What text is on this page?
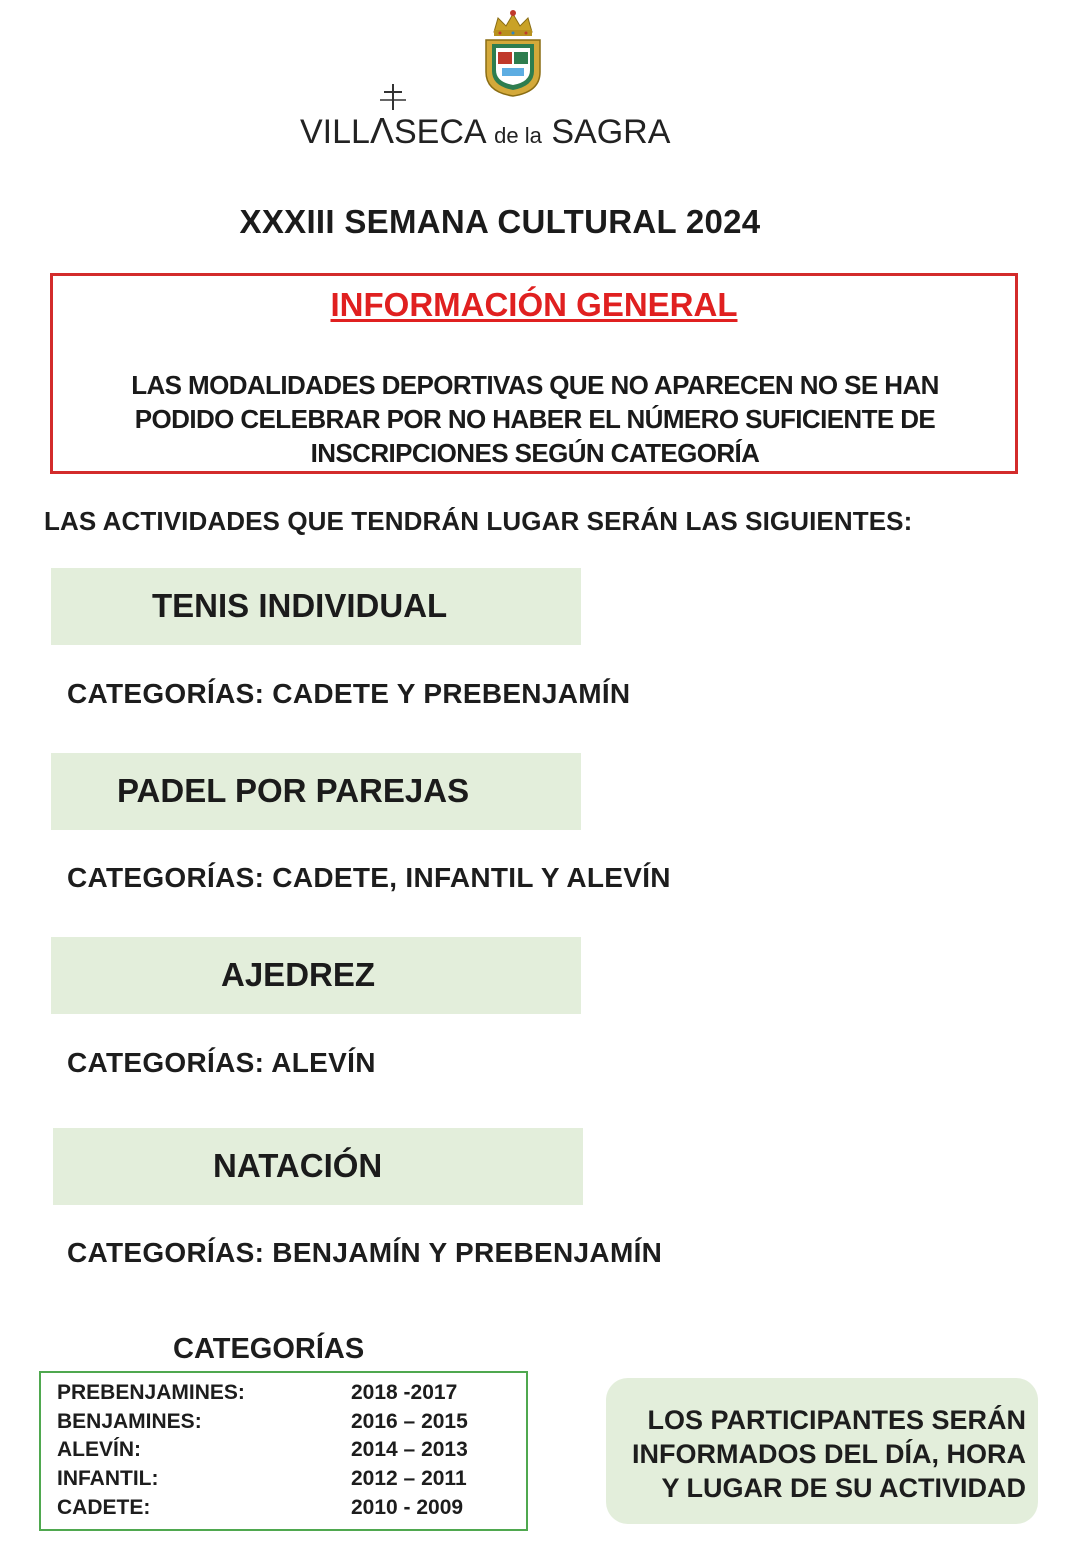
VILLΛSECA de la SAGRA
XXXIII SEMANA CULTURAL 2024
INFORMACIÓN GENERAL
LAS MODALIDADES DEPORTIVAS QUE NO APARECEN NO SE HAN
PODIDO CELEBRAR POR NO HABER EL NÚMERO SUFICIENTE DE
INSCRIPCIONES SEGÚN CATEGORÍA
LAS ACTIVIDADES QUE TENDRÁN LUGAR SERÁN LAS SIGUIENTES:
TENIS INDIVIDUAL
CATEGORÍAS: CADETE Y PREBENJAMÍN
PADEL POR PAREJAS
CATEGORÍAS: CADETE, INFANTIL Y ALEVÍN
AJEDREZ
CATEGORÍAS: ALEVÍN
NATACIÓN
CATEGORÍAS: BENJAMÍN Y PREBENJAMÍN
CATEGORÍAS
PREBENJAMINES:	2018 -2017
BENJAMINES:	2016 – 2015
ALEVÍN:	2014 – 2013
INFANTIL:	2012 – 2011
CADETE:	2010 - 2009
LOS PARTICIPANTES SERÁN
INFORMADOS DEL DÍA, HORA
Y LUGAR DE SU ACTIVIDAD
